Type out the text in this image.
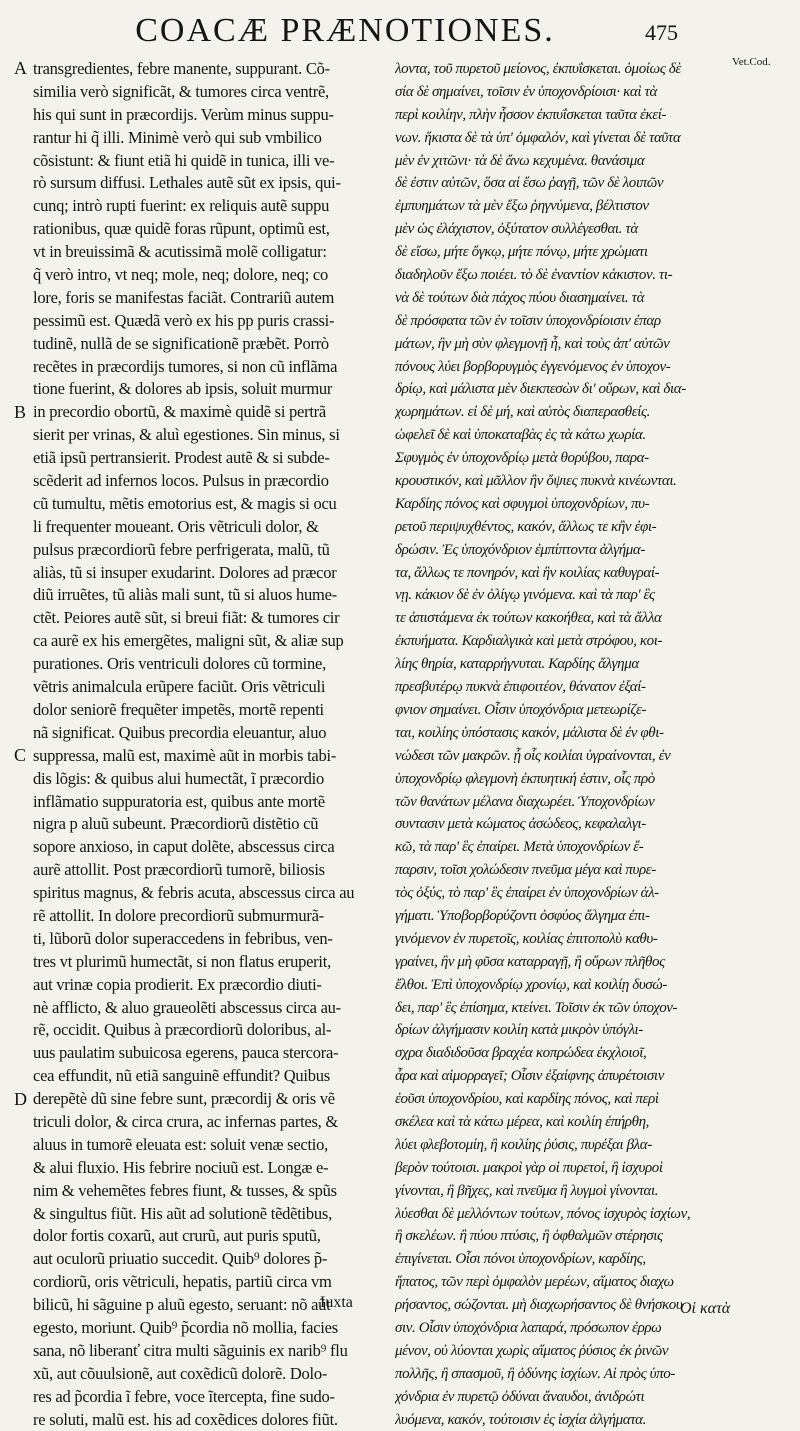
COACÆ PRÆNOTIONES.	475
Vet.Cod.
A
B
C
D
transgredientes, febre manente, suppurant. Cõ-
similia verò significãt, & tumores circa ventrẽ,
his qui sunt in præcordijs. Verùm minus suppu-
rantur hi q̃ illi. Minimè verò qui sub vmbilico
cõsistunt: & fiunt etiã hi quidẽ in tunica, illi ve-
rò sursum diffusi. Lethales autẽ sũt ex ipsis, qui-
cunq; intrò rupti fuerint: ex reliquis autẽ suppu
rationibus, quæ quidẽ foras rũpunt, optimũ est,
vt in breuissimã & acutissimã molẽ colligatur:
q̃ verò intro, vt neq; mole, neq; dolore, neq; co
lore, foris se manifestas faciãt. Contrariũ autem
pessimũ est. Quædã verò ex his pp puris crassi-
tudinẽ, nullã de se significationẽ præbẽt. Porrò
recẽtes in præcordijs tumores, si non cũ inflãma
tione fuerint, & dolores ab ipsis, soluit murmur
in precordio obortũ, & maximè quidẽ si pertrã
sierit per vrinas, & aluì egestiones. Sin minus, si
etiã ipsũ pertransierit. Prodest autẽ & si subde-
scẽderit ad infernos locos. Pulsus in præcordio
cũ tumultu, mẽtis emotorius est, & magis si ocu
li frequenter moueant. Oris vẽtriculi dolor, &
pulsus præcordiorũ febre perfrigerata, malũ, tũ
aliàs, tũ si insuper exudarint. Dolores ad præcor
diũ irruẽtes, tũ aliàs mali sunt, tũ si aluos hume-
ctẽt. Peiores autẽ sũt, si breui fiãt: & tumores cir
ca aurẽ ex his emergẽtes, maligni sũt, & aliæ sup
purationes. Oris ventriculi dolores cũ tormine,
vẽtris animalcula erũpere faciũt. Oris vẽtriculi
dolor seniorẽ frequẽter impetẽs, mortẽ repenti
nã significat. Quibus precordia eleuantur, aluo
suppressa, malũ est, maximè aũt in morbis tabi-
dis lõgis: & quibus alui humectãt, ĩ præcordio
inflãmatio suppuratoria est, quibus ante mortẽ
nigra p aluũ subeunt. Præcordiorũ distẽtio cũ
sopore anxioso, in caput dolẽte, abscessus circa
aurẽ attollit. Post præcordiorũ tumorẽ, biliosis
spiritus magnus, & febris acuta, abscessus circa au
rẽ attollit. In dolore precordiorũ submurmurã-
ti, lũborũ dolor superaccedens in febribus, ven-
tres vt plurimũ humectãt, si non flatus eruperit,
aut vrinæ copia prodierit. Ex præcordio diuti-
nè afflicto, & aluo graueolẽti abscessus circa au-
rẽ, occidit. Quibus à præcordiorũ doloribus, al-
uus paulatim subuicosa egerens, pauca stercora-
cea effundit, nũ etiã sanguinẽ effundit? Quibus
derepẽtè dũ sine febre sunt, præcordij & oris vẽ
triculi dolor, & circa crura, ac infernas partes, &
aluus in tumorẽ eleuata est: soluit venæ sectio,
& alui fluxio. His febrire nociuũ est. Longæ e-
nim & vehemẽtes febres fiunt, & tusses, & spũs
& singultus fiũt. His aũt ad solutionẽ tẽdẽtibus,
dolor fortis coxarũ, aut crurũ, aut puris sputũ,
aut oculorũ priuatio succedit. Quib⁹ dolores p̃-
cordiorũ, oris vẽtriculi, hepatis, partiũ circa vm
bilicũ, hi sãguine p aluũ egesto, seruant: nõ aũt
egesto, moriunt. Quib⁹ p̃cordia nõ mollia, facies
sana, nõ liberanť citra multi sãguinis ex narib⁹ flu
xũ, aut cõuulsionẽ, aut coxẽdicũ dolorẽ. Dolo-
res ad p̃cordia ĩ febre, voce ĩtercepta, fine sudo-
re soluti, malũ est. his ad coxẽdices dolores fiũt.
λοντα, τοῦ πυρετοῦ μείονος, ἐκπυΐσκεται. ὁμοίως δὲ
σία δὲ σημαίνει, τοῖσιν ἐν ὑποχονδρίοισι· καὶ τὰ
περὶ κοιλίην, πλὴν ἧσσον ἐκπυΐσκεται ταῦτα ἐκεί-
νων. ἥκιστα δὲ τὰ ὑπ' ὀμφαλόν, καὶ γίνεται δὲ ταῦτα
μὲν ἐν χιτῶνι· τὰ δὲ ἄνω κεχυμένα. θανάσιμα
δὲ ἐστιν αὐτῶν, ὅσα αἱ ἔσω ῥαγῇ, τῶν δὲ λοιπῶν
ἐμπυημάτων τὰ μὲν ἔξω ῥηγνύμενα, βέλτιστον
μὲν ὡς ἐλάχιστον, ὀξύτατον συλλέγεσθαι. τὰ
δὲ εἴσω, μήτε ὄγκῳ, μήτε πόνῳ, μήτε χρώματι
διαδηλοῦν ἔξω ποιέει. τὸ δὲ ἐναντίον κάκιστον. τι-
νὰ δὲ τούτων διὰ πάχος πύου διασημαίνει. τὰ
δὲ πρόσφατα τῶν ἐν τοῖσιν ὑποχονδρίοισιν ἐπαρ
μάτων, ἢν μὴ σὺν φλεγμονῇ ἦ, καὶ τοὺς ἀπ' αὐτῶν
πόνους λύει βορβορυγμὸς ἐγγενόμενος ἐν ὑποχον-
δρίῳ, καὶ μάλιστα μὲν διεκπεσὼν δι' οὔρων, καὶ δια-
χωρημάτων. εἰ δὲ μή, καὶ αὐτὸς διαπερασθείς.
ὠφελεῖ δὲ καὶ ὑποκαταβὰς ἐς τὰ κάτω χωρία.
Σφυγμὸς ἐν ὑποχονδρίῳ μετὰ θορύβου, παρα-
κρουστικόν, καὶ μᾶλλον ἢν ὄψιες πυκνὰ κινέωνται.
Καρδίης πόνος καὶ σφυγμοὶ ὑποχονδρίων, πυ-
ρετοῦ περιψυχθέντος, κακόν, ἄλλως τε κἢν ἐφι-
δρώσιν. Ἐς ὑποχόνδριον ἐμπίπτοντα ἀλγήμα-
τα, ἄλλως τε πονηρόν, καὶ ἢν κοιλίας καθυγραί-
νῃ. κάκιον δὲ ἐν ὀλίγῳ γινόμενα. καὶ τὰ παρ' ἓς
τε ἀπιστάμενα ἐκ τούτων κακοήθεα, καὶ τὰ ἄλλα
ἐκπυήματα. Καρδιαλγικὰ καὶ μετὰ στρόφου, κοι-
λίης θηρία, καταρρήγνυται. Καρδίης ἄλγημα
πρεσβυτέρῳ πυκνὰ ἐπιφοιτέον, θάνατον ἐξαί-
φνιον σημαίνει. Οἷσιν ὑποχόνδρια μετεωρίζε-
ται, κοιλίης ὑπόστασις κακόν, μάλιστα δὲ ἐν φθι-
νώδεσι τῶν μακρῶν. ᾗ οἷς κοιλίαι ὑγραίνονται, ἐν
ὑποχονδρίῳ φλεγμονὴ ἐκπυητική ἐστιν, οἷς πρὸ
τῶν θανάτων μέλανα διαχωρέει. Ὑποχονδρίων
συντασιν μετὰ κώματος ἀσώδεος, κεφαλαλγι-
κῶ, τὰ παρ' ἓς ἐπαίρει. Μετὰ ὑποχονδρίων ἔ-
παρσιν, τοῖσι χολώδεσιν πνεῦμα μέγα καὶ πυρε-
τὸς ὀξύς, τὸ παρ' ἓς ἐπαίρει ἐν ὑποχονδρίων ἀλ-
γήματι. Ὑποβορβορύζοντι ὀσφύος ἄλγημα ἐπι-
γινόμενον ἐν πυρετοῖς, κοιλίας ἐπιτοπολὺ καθυ-
γραίνει, ἢν μὴ φῦσα καταρραγῇ, ἢ οὔρων πλῆθος
ἔλθοι. Ἐπὶ ὑποχονδρίῳ χρονίῳ, καὶ κοιλίῃ δυσώ-
δει, παρ' ἓς ἐπίσημα, κτείνει. Τοῖσιν ἐκ τῶν ὑποχον-
δρίων ἀλγήμασιν κοιλίη κατὰ μικρὸν ὑπόγλι-
σχρα διαδιδοῦσα βραχέα κοπρώδεα ἐκχλοιοῖ,
ἆρα καὶ αἱμορραγεῖ; Οἷσιν ἐξαίφνης ἀπυρέτοισιν
ἐοῦσι ὑποχονδρίου, καὶ καρδίης πόνος, καὶ περὶ
σκέλεα καὶ τὰ κάτω μέρεα, καὶ κοιλίη ἐπήρθη,
λύει φλεβοτομίη, ἢ κοιλίης ῥύσις, πυρέξαι βλα-
βερὸν τούτοισι. μακροὶ γὰρ οἱ πυρετοί, ἢ ἰσχυροὶ
γίνονται, ἢ βῆχες, καὶ πνεῦμα ἢ λυγμοὶ γίνονται.
λύεσθαι δὲ μελλόντων τούτων, πόνος ἰσχυρὸς ἰσχίων,
ἢ σκελέων. ἢ πύου πτύσις, ἢ ὀφθαλμῶν στέρησις
ἐπιγίνεται. Οἷσι πόνοι ὑποχονδρίων, καρδίης,
ἥπατος, τῶν περὶ ὀμφαλὸν μερέων, αἵματος διαχω
ρήσαντος, σώζονται. μὴ διαχωρήσαντος δὲ θνήσκου
σιν. Οἷσιν ὑποχόνδρια λαπαρά, πρόσωπον ἐρρω
μένον, οὐ λύονται χωρὶς αἵματος ῥύσιος ἐκ ῥινῶν
πολλῆς, ἢ σπασμοῦ, ἢ ὀδύνης ἰσχίων. Αἱ πρὸς ὑπο-
χόνδρια ἐν πυρετῷ ὀδύναι ἄναυδοι, ἀνιδρώτι
λυόμενα, κακόν, τούτοισιν ἐς ἰσχία ἀλγήματα.
Iuxta	Οἱ κατὰ
